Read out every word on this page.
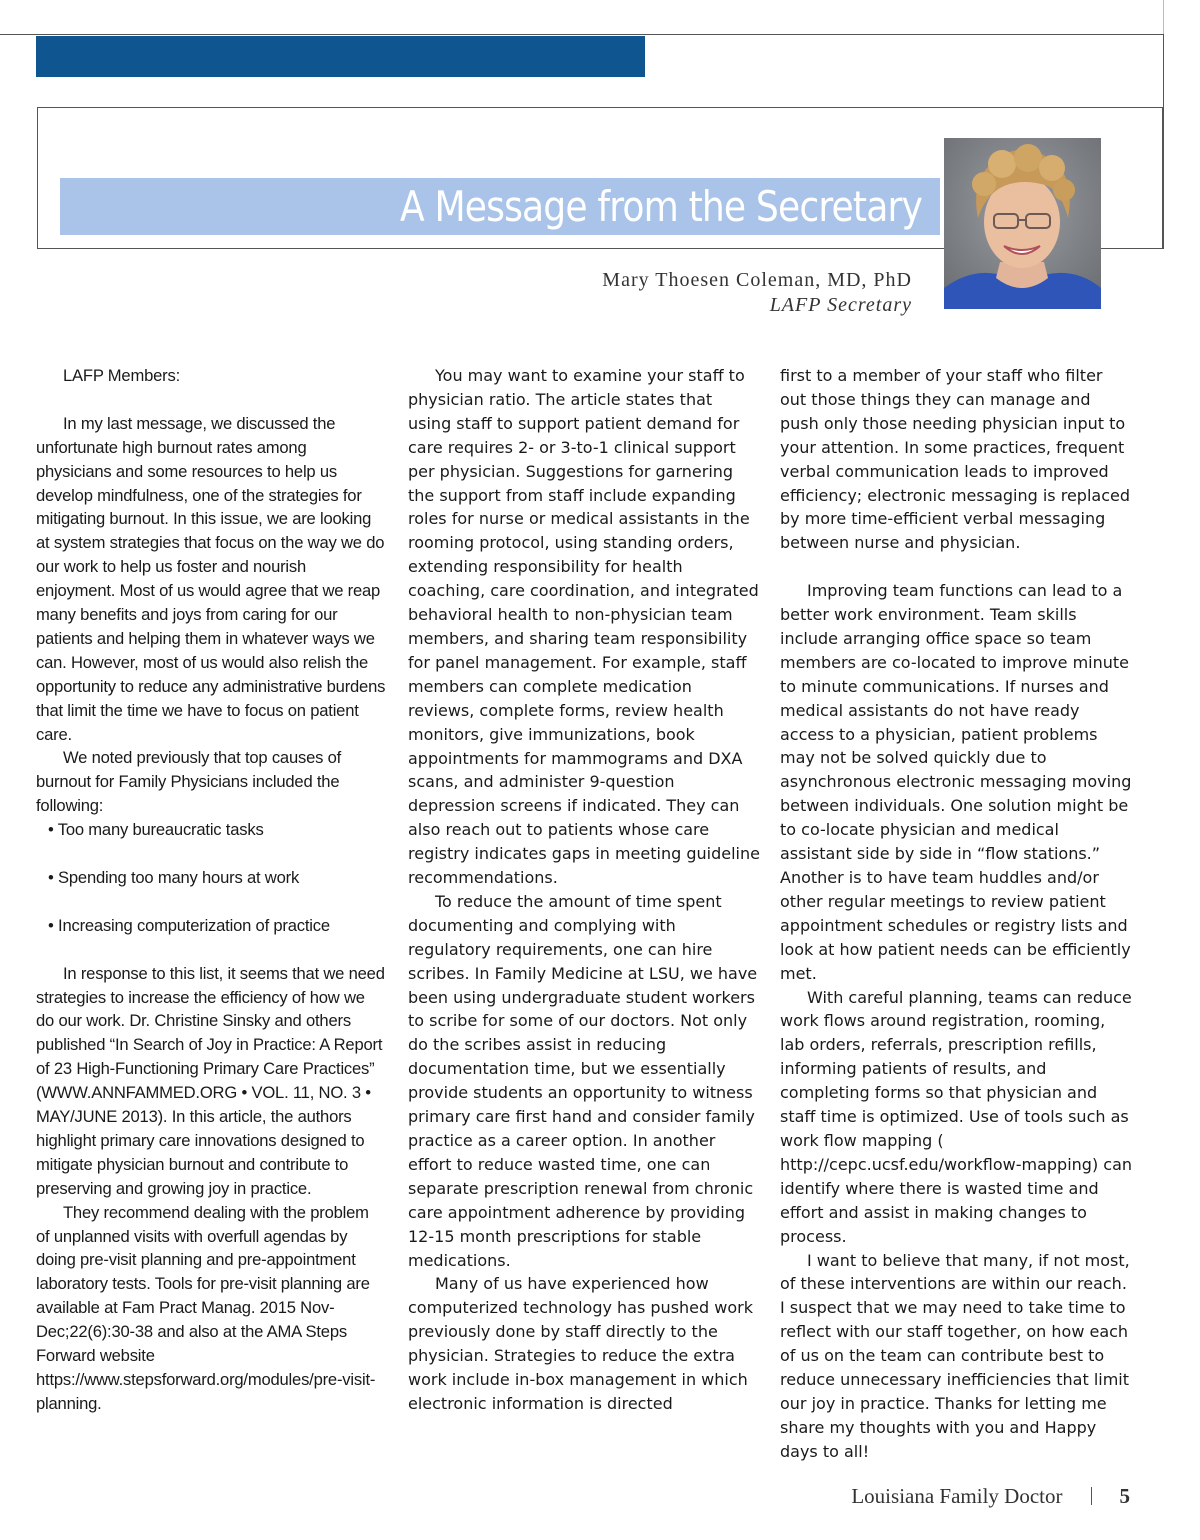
A Message from the Secretary
Mary Thoesen Coleman, MD, PhD
LAFP Secretary

LAFP Members:

In my last message, we discussed the unfortunate high burnout rates among physicians and some resources to help us develop mindfulness, one of the strategies for mitigating burnout. In this issue, we are looking at system strategies that focus on the way we do our work to help us foster and nourish enjoyment. Most of us would agree that we reap many benefits and joys from caring for our patients and helping them in whatever ways we can. However, most of us would also relish the opportunity to reduce any administrative burdens that limit the time we have to focus on patient care.

We noted previously that top causes of burnout for Family Physicians included the following:

• Too many bureaucratic tasks

• Spending too many hours at work

• Increasing computerization of practice

In response to this list, it seems that we need strategies to increase the efficiency of how we do our work. Dr. Christine Sinsky and others published “In Search of Joy in Practice: A Report of 23 High-Functioning Primary Care Practices” (WWW.ANNFAMMED.ORG • VOL. 11, NO. 3 • MAY/JUNE 2013). In this article, the authors highlight primary care innovations designed to mitigate physician burnout and contribute to preserving and growing joy in practice.

They recommend dealing with the problem of unplanned visits with overfull agendas by doing pre-visit planning and pre-appointment laboratory tests. Tools for pre-visit planning are available at Fam Pract Manag. 2015 Nov-Dec;22(6):30-38 and also at the AMA Steps Forward website https://www.stepsforward.org/modules/pre-visit-planning.

You may want to examine your staff to physician ratio. The article states that using staff to support patient demand for care requires 2- or 3-to-1 clinical support per physician. Suggestions for garnering the support from staff include expanding roles for nurse or medical assistants in the rooming protocol, using standing orders, extending responsibility for health coaching, care coordination, and integrated behavioral health to non-physician team members, and sharing team responsibility for panel management. For example, staff members can complete medication reviews, complete forms, review health monitors, give immunizations, book appointments for mammograms and DXA scans, and administer 9-question depression screens if indicated. They can also reach out to patients whose care registry indicates gaps in meeting guideline recommendations.

To reduce the amount of time spent documenting and complying with regulatory requirements, one can hire scribes. In Family Medicine at LSU, we have been using undergraduate student workers to scribe for some of our doctors. Not only do the scribes assist in reducing documentation time, but we essentially provide students an opportunity to witness primary care first hand and consider family practice as a career option. In another effort to reduce wasted time, one can separate prescription renewal from chronic care appointment adherence by providing 12-15 month prescriptions for stable medications.

Many of us have experienced how computerized technology has pushed work previously done by staff directly to the physician. Strategies to reduce the extra work include in-box management in which electronic information is directed

first to a member of your staff who filter out those things they can manage and push only those needing physician input to your attention. In some practices, frequent verbal communication leads to improved efficiency; electronic messaging is replaced by more time-efficient verbal messaging between nurse and physician.

Improving team functions can lead to a better work environment. Team skills include arranging office space so team members are co-located to improve minute to minute communications. If nurses and medical assistants do not have ready access to a physician, patient problems may not be solved quickly due to asynchronous electronic messaging moving between individuals. One solution might be to co-locate physician and medical assistant side by side in “flow stations.” Another is to have team huddles and/or other regular meetings to review patient appointment schedules or registry lists and look at how patient needs can be efficiently met.

With careful planning, teams can reduce work flows around registration, rooming, lab orders, referrals, prescription refills, informing patients of results, and completing forms so that physician and staff time is optimized. Use of tools such as work flow mapping ( http://cepc.ucsf.edu/workflow-mapping) can identify where there is wasted time and effort and assist in making changes to process.

I want to believe that many, if not most, of these interventions are within our reach. I suspect that we may need to take time to reflect with our staff together, on how each of us on the team can contribute best to reduce unnecessary inefficiencies that limit our joy in practice. Thanks for letting me share my thoughts with you and Happy days to all!

Louisiana Family Doctor	5
